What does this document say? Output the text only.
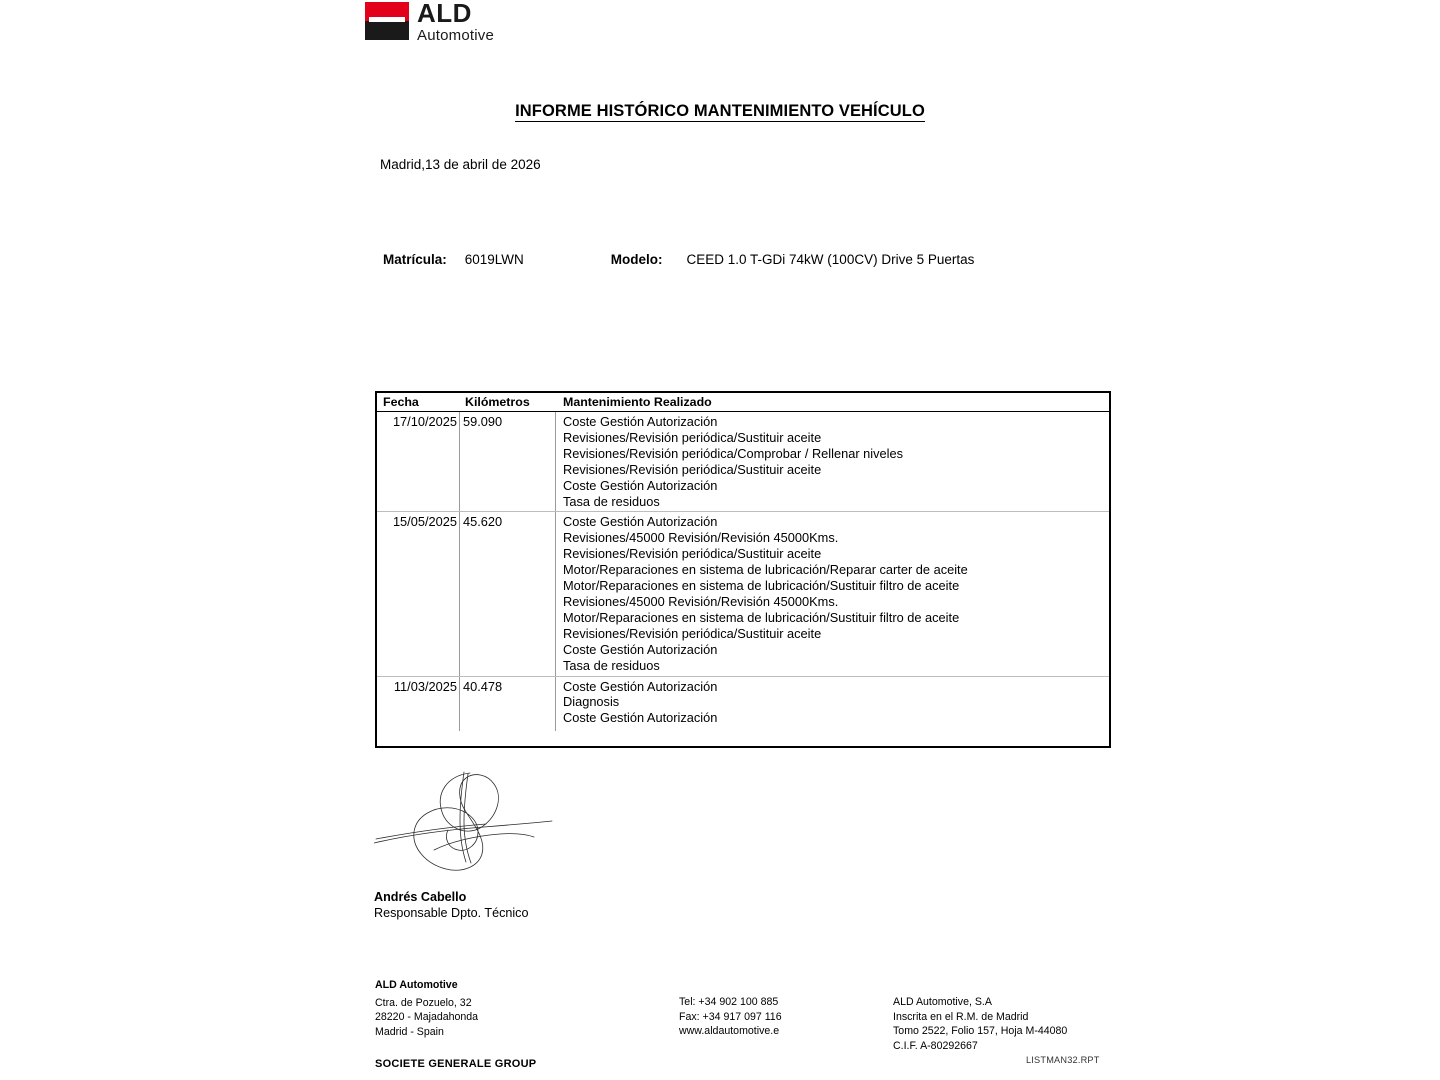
ALD
Automotive
INFORME HISTÓRICO MANTENIMIENTO VEHÍCULO
Madrid,13 de abril de 2026
Matrícula: 6019LWN	Modelo: CEED 1.0 T-GDi 74kW (100CV) Drive 5 Puertas
Fecha	Kilómetros	Mantenimiento Realizado
17/10/2025 59.090	Coste Gestión Autorización
Revisiones/Revisión periódica/Sustituir aceite
Revisiones/Revisión periódica/Comprobar / Rellenar niveles
Revisiones/Revisión periódica/Sustituir aceite
Coste Gestión Autorización
Tasa de residuos
15/05/2025 45.620	Coste Gestión Autorización
Revisiones/45000 Revisión/Revisión 45000Kms.
Revisiones/Revisión periódica/Sustituir aceite
Motor/Reparaciones en sistema de lubricación/Reparar carter de aceite
Motor/Reparaciones en sistema de lubricación/Sustituir filtro de aceite
Revisiones/45000 Revisión/Revisión 45000Kms.
Motor/Reparaciones en sistema de lubricación/Sustituir filtro de aceite
Revisiones/Revisión periódica/Sustituir aceite
Coste Gestión Autorización
Tasa de residuos
11/03/2025 40.478	Coste Gestión Autorización
Diagnosis
Coste Gestión Autorización
Andrés Cabello
Responsable Dpto. Técnico
ALD Automotive
Ctra. de Pozuelo, 32
28220 - Majadahonda
Madrid - Spain
Tel: +34 902 100 885
Fax: +34 917 097 116
www.aldautomotive.e
ALD Automotive, S.A
Inscrita en el R.M. de Madrid
Tomo 2522, Folio 157, Hoja M-44080
C.I.F. A-80292667
SOCIETE GENERALE GROUP	LISTMAN32.RPT
